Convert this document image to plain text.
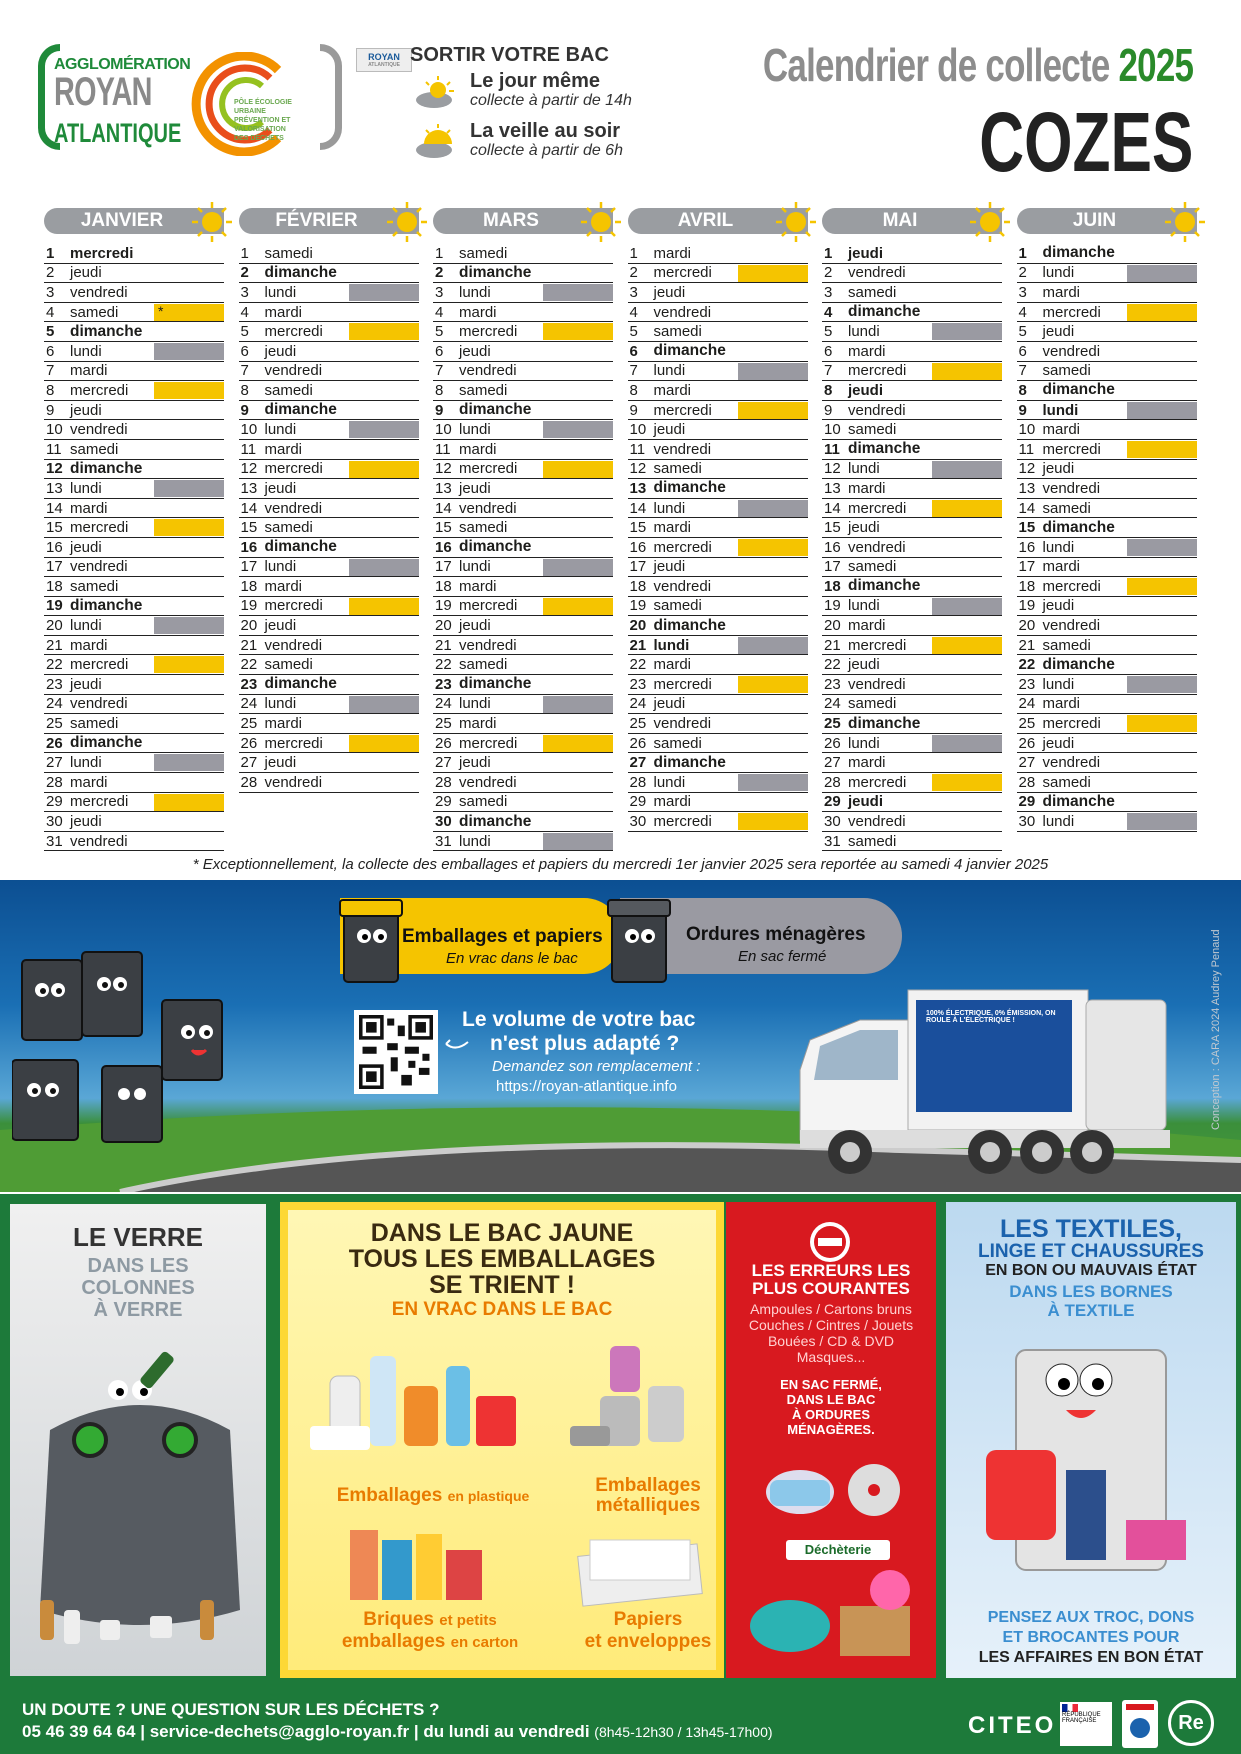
AGGLOMÉRATION
ROYAN
ATLANTIQUE
PÔLE ÉCOLOGIE URBAINE PRÉVENTION ET VALORISATION DES DÉCHETS
ROYAN
ATLANTIQUE SORTIR VOTRE BAC
Le jour même
collecte à partir de 14h
La veille au soir
collecte à partir de 6h
Calendrier de collecte 2025
COZES
JANVIER
1	mercredi
2	jeudi
3	vendredi
4	samedi	*
5	dimanche
6	lundi
7	mardi
8	mercredi
9	jeudi
10 vendredi
11 samedi
12 dimanche
13 lundi
14 mardi
15 mercredi
16 jeudi
17 vendredi
18 samedi
19 dimanche
20 lundi
21 mardi
22 mercredi
23 jeudi
24 vendredi
25 samedi
26 dimanche
27 lundi
28 mardi
29 mercredi
30 jeudi
31 vendredi
FÉVRIER
1	samedi
2	dimanche
3	lundi
4	mardi
5	mercredi
6	jeudi
7	vendredi
8	samedi
9	dimanche
10 lundi
11 mardi
12 mercredi
13 jeudi
14 vendredi
15 samedi
16 dimanche
17 lundi
18 mardi
19 mercredi
20 jeudi
21 vendredi
22 samedi
23 dimanche
24 lundi
25 mardi
26 mercredi
27 jeudi
28 vendredi
MARS
1	samedi
2	dimanche
3	lundi
4	mardi
5	mercredi
6	jeudi
7	vendredi
8	samedi
9	dimanche
10 lundi
11 mardi
12 mercredi
13 jeudi
14 vendredi
15 samedi
16 dimanche
17 lundi
18 mardi
19 mercredi
20 jeudi
21 vendredi
22 samedi
23 dimanche
24 lundi
25 mardi
26 mercredi
27 jeudi
28 vendredi
29 samedi
30 dimanche
31 lundi
AVRIL
1	mardi
2	mercredi
3	jeudi
4	vendredi
5	samedi
6	dimanche
7	lundi
8	mardi
9	mercredi
10 jeudi
11 vendredi
12 samedi
13 dimanche
14 lundi
15 mardi
16 mercredi
17 jeudi
18 vendredi
19 samedi
20 dimanche
21 lundi
22 mardi
23 mercredi
24 jeudi
25 vendredi
26 samedi
27 dimanche
28 lundi
29 mardi
30 mercredi
MAI
1	jeudi
2	vendredi
3	samedi
4	dimanche
5	lundi
6	mardi
7	mercredi
8	jeudi
9	vendredi
10 samedi
11 dimanche
12 lundi
13 mardi
14 mercredi
15 jeudi
16 vendredi
17 samedi
18 dimanche
19 lundi
20 mardi
21 mercredi
22 jeudi
23 vendredi
24 samedi
25 dimanche
26 lundi
27 mardi
28 mercredi
29 jeudi
30 vendredi
31 samedi
JUIN
1	dimanche
2	lundi
3	mardi
4	mercredi
5	jeudi
6	vendredi
7	samedi
8	dimanche
9	lundi
10 mardi
11 mercredi
12 jeudi
13 vendredi
14 samedi
15 dimanche
16 lundi
17 mardi
18 mercredi
19 jeudi
20 vendredi
21 samedi
22 dimanche
23 lundi
24 mardi
25 mercredi
26 jeudi
27 vendredi
28 samedi
29 dimanche
30 lundi
* Exceptionnellement, la collecte des emballages et papiers du mercredi 1er janvier 2025 sera reportée au samedi 4 janvier 2025
Emballages et papiers
En vrac dans le bac
Ordures ménagères
En sac fermé
Le volume de votre bac
n'est plus adapté ?
Demandez son remplacement :
https://royan-atlantique.info
100% ÉLECTRIQUE, 0% ÉMISSION, ON ROULE À L'ÉLECTRIQUE !	Conception : CARA 2024 Audrey Penaud
LE VERRE
DANS LES
COLONNES
À VERRE
DANS LE BAC JAUNE
TOUS LES EMBALLAGES
SE TRIENT !
EN VRAC DANS LE BAC
Emballages en plastique	Emballages
métalliques
Briques et petits
emballages en carton
Papiers
et enveloppes
LES ERREURS LES
PLUS COURANTES
Ampoules / Cartons bruns
Couches / Cintres / Jouets
Bouées / CD & DVD
Masques...
EN SAC FERMÉ,
DANS LE BAC
À ORDURES
MÉNAGÈRES.
Déchèterie
LES TEXTILES,
LINGE ET CHAUSSURES
EN BON OU MAUVAIS ÉTAT
DANS LES BORNES
À TEXTILE
PENSEZ AUX TROC, DONS
ET BROCANTES POUR
LES AFFAIRES EN BON ÉTAT
UN DOUTE ? UNE QUESTION SUR LES DÉCHETS ?
05 46 39 64 64 | service-dechets@agglo-royan.fr | du lundi au vendredi (8h45-12h30 / 13h45-17h00)	CITEO RÉPUBLIQUE FRANÇAISE	Re
